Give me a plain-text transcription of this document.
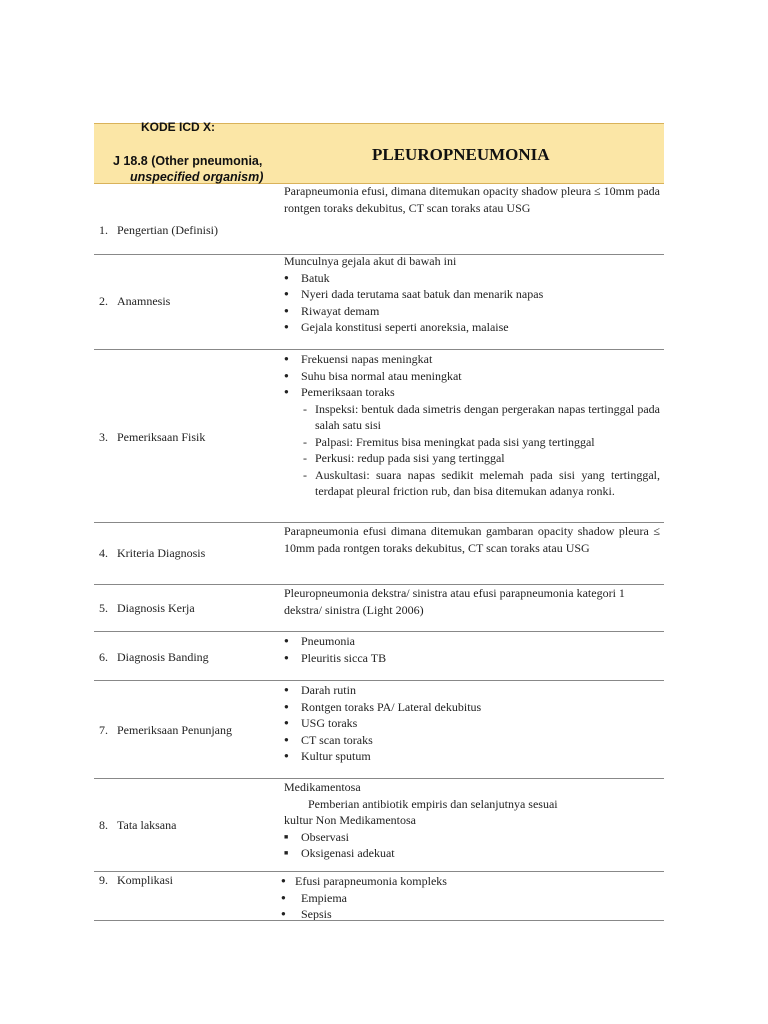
KODE ICD X:
J 18.8 (Other pneumonia,
unspecified organism)
PLEUROPNEUMONIA

Parapneumonia efusi, dimana ditemukan opacity shadow pleura ≤ 10mm pada rontgen toraks dekubitus, CT scan toraks atau USG

1. Pengertian (Definisi)

Munculnya gejala akut di bawah ini

● Batuk
● Nyeri dada terutama saat batuk dan menarik napas
● Riwayat demam
● Gejala konstitusi seperti anoreksia, malaise
2. Anamnesis
● Frekuensi napas meningkat
● Suhu bisa normal atau meningkat
● Pemeriksaan toraks
- Inspeksi: bentuk dada simetris dengan pergerakan napas tertinggal pada salah satu sisi
- Palpasi: Fremitus bisa meningkat pada sisi yang tertinggal
- Perkusi: redup pada sisi yang tertinggal
- Auskultasi: suara napas sedikit melemah pada sisi yang tertinggal, terdapat pleural friction rub, dan bisa ditemukan adanya ronki.
3. Pemeriksaan Fisik

Parapneumonia efusi dimana ditemukan gambaran opacity shadow pleura ≤ 10mm pada rontgen toraks dekubitus, CT scan toraks atau USG

4. Kriteria Diagnosis

Pleuropneumonia dekstra/ sinistra atau efusi parapneumonia kategori 1 dekstra/ sinistra (Light 2006)

5. Diagnosis Kerja
● Pneumonia
● Pleuritis sicca TB
6. Diagnosis Banding
● Darah rutin
● Rontgen toraks PA/ Lateral dekubitus
● USG toraks
● CT scan toraks
● Kultur sputum
7. Pemeriksaan Penunjang

Medikamentosa

Pemberian antibiotik empiris dan selanjutnya sesuai

kultur Non Medikamentosa

■ Observasi
■ Oksigenasi adekuat
8. Tata laksana
9. Komplikasi
●	Efusi parapneumonia kompleks
● Empiema
● Sepsis
